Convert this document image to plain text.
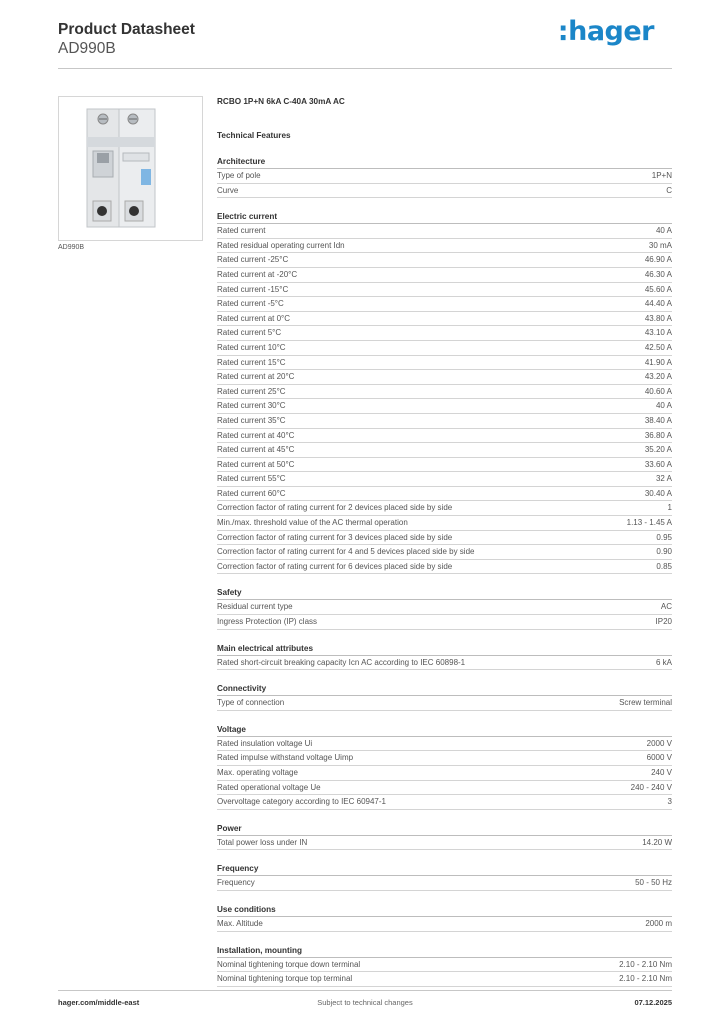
Product Datasheet
AD990B
:hager
AD990B
RCBO 1P+N 6kA C-40A 30mA AC
Technical Features
Architecture
Type of pole	1P+N
Curve	C
Electric current
Rated current	40 A
Rated residual operating current Idn	30 mA
Rated current -25°C	46.90 A
Rated current at -20°C	46.30 A
Rated current -15°C	45.60 A
Rated current -5°C	44.40 A
Rated current at 0°C	43.80 A
Rated current 5°C	43.10 A
Rated current 10°C	42.50 A
Rated current 15°C	41.90 A
Rated current at 20°C	43.20 A
Rated current 25°C	40.60 A
Rated current 30°C	40 A
Rated current 35°C	38.40 A
Rated current at 40°C	36.80 A
Rated current at 45°C	35.20 A
Rated current at 50°C	33.60 A
Rated current 55°C	32 A
Rated current 60°C	30.40 A
Correction factor of rating current for 2 devices placed side by side	1
Min./max. threshold value of the AC thermal operation	1.13 - 1.45 A
Correction factor of rating current for 3 devices placed side by side	0.95
Correction factor of rating current for 4 and 5 devices placed side by side	0.90
Correction factor of rating current for 6 devices placed side by side	0.85
Safety
Residual current type	AC
Ingress Protection (IP) class	IP20
Main electrical attributes
Rated short-circuit breaking capacity Icn AC according to IEC 60898-1	6 kA
Connectivity
Type of connection	Screw terminal
Voltage
Rated insulation voltage Ui	2000 V
Rated impulse withstand voltage Uimp	6000 V
Max. operating voltage	240 V
Rated operational voltage Ue	240 - 240 V
Overvoltage category according to IEC 60947-1	3
Power
Total power loss under IN	14.20 W
Frequency
Frequency	50 - 50 Hz
Use conditions
Max. Altitude	2000 m
Installation, mounting
Nominal tightening torque down terminal	2.10 - 2.10 Nm
Nominal tightening torque top terminal	2.10 - 2.10 Nm
hager.com/middle-east	Subject to technical changes	07.12.2025
